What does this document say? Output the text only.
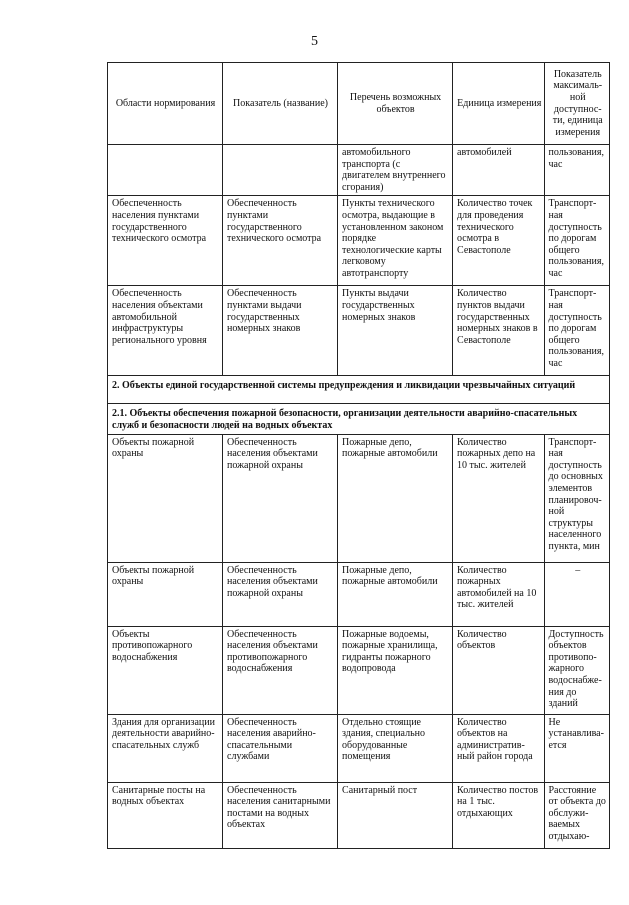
5
Области нормирования	Показатель (название)	Перечень возможных объектов	Единица измерения	Показатель максималь-ной доступнос-ти, единица измерения
		автомобильного транспорта (с двигателем внутреннего сгорания)	автомобилей	пользования, час
Обеспеченность населения пунктами государственного технического осмотра	Обеспеченность пунктами государственного технического осмотра	Пункты технического осмотра, выдающие в установленном законом порядке технологические карты легковому автотранспорту	Количество точек для проведения технического осмотра в Севастополе	Транспорт-ная доступность по дорогам общего пользования, час
Обеспеченность населения объектами автомобильной инфраструктуры регионального уровня	Обеспеченность пунктами выдачи государственных номерных знаков	Пункты выдачи государственных номерных знаков	Количество пунктов выдачи государственных номерных знаков в Севастополе	Транспорт-ная доступность по дорогам общего пользования, час
2. Объекты единой государственной системы предупреждения и ликвидации чрезвычайных ситуаций				
2.1. Объекты обеспечения пожарной безопасности, организации деятельности аварийно-спасательных служб и безопасности людей на водных объектах				
Объекты пожарной охраны	Обеспеченность населения объектами пожарной охраны	Пожарные депо, пожарные автомобили	Количество пожарных депо на 10 тыс. жителей	Транспорт-ная доступность до основных элементов планировоч-ной структуры населенного пункта, мин
Объекты пожарной охраны	Обеспеченность населения объектами пожарной охраны	Пожарные депо, пожарные автомобили	Количество пожарных автомобилей на 10 тыс. жителей	–
Объекты противопожарного водоснабжения	Обеспеченность населения объектами противопожарного водоснабжения	Пожарные водоемы, пожарные хранилища, гидранты пожарного водопровода	Количество объектов	Доступность объектов противопо-жарного водоснабже-ния до зданий
Здания для организации деятельности аварийно-спасательных служб	Обеспеченность населения аварийно-спасательными службами	Отдельно стоящие здания, специально оборудованные помещения	Количество объектов на административ-ный район города	Не устанавлива-ется
Санитарные посты на водных объектах	Обеспеченность населения санитарными постами на водных объектах	Санитарный пост	Количество постов на 1 тыс. отдыхающих	Расстояние от объекта до обслужи-ваемых отдыхаю-
